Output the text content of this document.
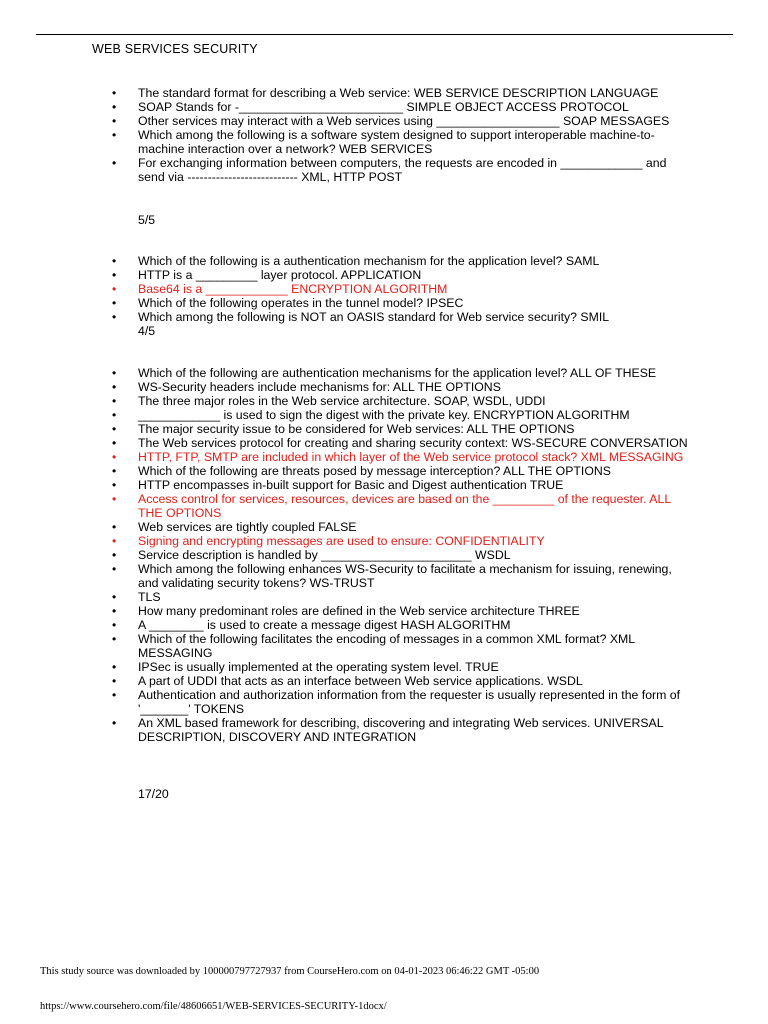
WEB SERVICES SECURITY
• The standard format for describing a Web service: WEB SERVICE DESCRIPTION LANGUAGE
• SOAP Stands for -________________________ SIMPLE OBJECT ACCESS PROTOCOL
• Other services may interact with a Web services using __________________ SOAP MESSAGES
• Which among the following is a software system designed to support interoperable machine-to-machine interaction over a network? WEB SERVICES
• For exchanging information between computers, the requests are encoded in ____________ and send via --------------------------- XML, HTTP POST
5/5
• Which of the following is a authentication mechanism for the application level? SAML
• HTTP is a _________ layer protocol. APPLICATION
• Base64 is a ____________ ENCRYPTION ALGORITHM
• Which of the following operates in the tunnel model? IPSEC
• Which among the following is NOT an OASIS standard for Web service security? SMIL
4/5
• Which of the following are authentication mechanisms for the application level? ALL OF THESE
• WS-Security headers include mechanisms for: ALL THE OPTIONS
• The three major roles in the Web service architecture. SOAP, WSDL, UDDI
• ____________ is used to sign the digest with the private key. ENCRYPTION ALGORITHM
• The major security issue to be considered for Web services: ALL THE OPTIONS
• The Web services protocol for creating and sharing security context: WS-SECURE CONVERSATION
• HTTP, FTP, SMTP are included in which layer of the Web service protocol stack? XML MESSAGING
• Which of the following are threats posed by message interception? ALL THE OPTIONS
• HTTP encompasses in-built support for Basic and Digest authentication TRUE
• Access control for services, resources, devices are based on the _________ of the requester. ALL THE OPTIONS
• Web services are tightly coupled FALSE
• Signing and encrypting messages are used to ensure: CONFIDENTIALITY
• Service description is handled by ______________________ WSDL
• Which among the following enhances WS-Security to facilitate a mechanism for issuing, renewing, and validating security tokens? WS-TRUST
• TLS
• How many predominant roles are defined in the Web service architecture THREE
• A ________ is used to create a message digest HASH ALGORITHM
• Which of the following facilitates the encoding of messages in a common XML format? XML MESSAGING
• IPSec is usually implemented at the operating system level. TRUE
• A part of UDDI that acts as an interface between Web service applications. WSDL
• Authentication and authorization information from the requester is usually represented in the form of '_______' TOKENS
• An XML based framework for describing, discovering and integrating Web services. UNIVERSAL DESCRIPTION, DISCOVERY AND INTEGRATION
17/20
This study source was downloaded by 100000797727937 from CourseHero.com on 04-01-2023 06:46:22 GMT -05:00
https://www.coursehero.com/file/48606651/WEB-SERVICES-SECURITY-1docx/
